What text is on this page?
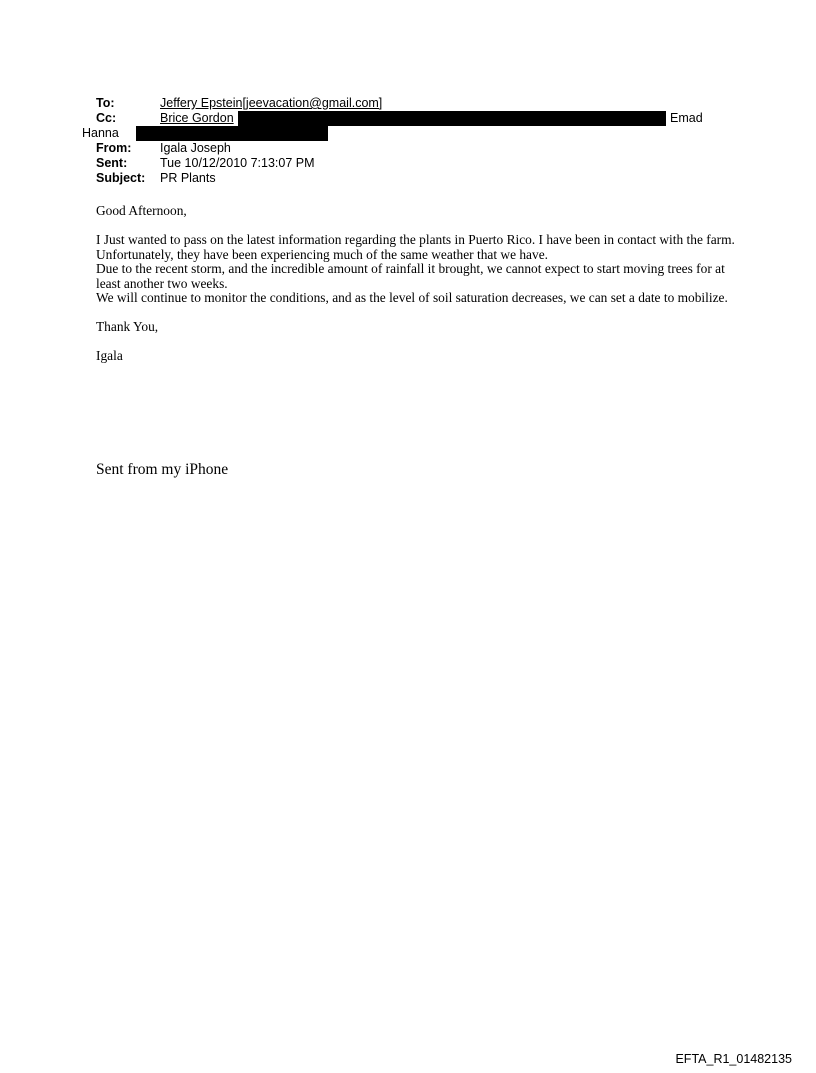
To:	Jeffery Epstein[jeevacation@gmail.com]
Cc:	Brice Gordon	; Gary Kerney	Emad
Hanna
From: Igala Joseph
Sent:	Tue 10/12/2010 7:13:07 PM
Subject: PR Plants

Good Afternoon,

I Just wanted to pass on the latest information regarding the plants in Puerto Rico. I have been in contact with the farm. Unfortunately, they have been experiencing much of the same weather that we have.

Due to the recent storm, and the incredible amount of rainfall it brought, we cannot expect to start moving trees for at least another two weeks.

We will continue to monitor the conditions, and as the level of soil saturation decreases, we can set a date to mobilize.

Thank You,

Igala

Sent from my iPhone
EFTA_R1_01482135
